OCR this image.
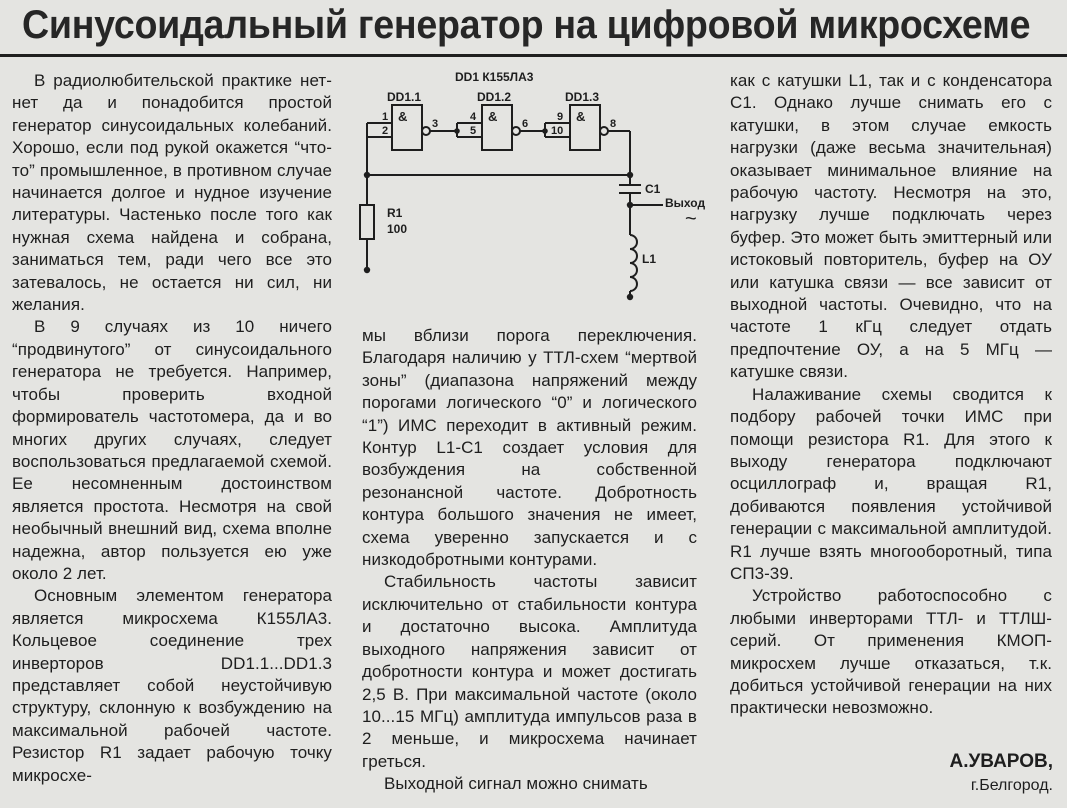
Синусоидальный генератор на цифровой микросхеме
DD1 К155ЛА3
DD1.1	DD1.2	DD1.3
&	&	&
1
2
3
4
5
6
9
10
8
R1
100
C1
Выход
~
L1

В радиолюбительской практике нет-нет да и понадобится простой генератор синусоидальных колебаний. Хорошо, если под рукой окажется “что-то” промышленное, в противном случае начинается долгое и нудное изучение литературы. Частенько после того как нужная схема найдена и собрана, заниматься тем, ради чего все это затевалось, не остается ни сил, ни желания.

В 9 случаях из 10 ничего “продвинутого” от синусоидального генератора не требуется. Например, чтобы проверить входной формирователь частотомера, да и во многих других случаях, следует воспользоваться предлагаемой схемой. Ее несомненным достоинством является простота. Несмотря на свой необычный внешний вид, схема вполне надежна, автор пользуется ею уже около 2 лет.

Основным элементом генератора является микросхема К155ЛА3. Кольцевое соединение трех инверторов DD1.1...DD1.3 представляет собой неустойчивую структуру, склонную к возбуждению на максимальной рабочей частоте. Резистор R1 задает рабочую точку микросхе-

мы вблизи порога переключения. Благодаря наличию у ТТЛ-схем “мертвой зоны” (диапазона напряжений между порогами логического “0” и логического “1”) ИМС переходит в активный режим. Контур L1-C1 создает условия для возбуждения на собственной резонансной частоте. Добротность контура большого значения не имеет, схема уверенно запускается и с низкодобротными контурами.

Стабильность частоты зависит исключительно от стабильности контура и достаточно высока. Амплитуда выходного напряжения зависит от добротности контура и может достигать 2,5 В. При максимальной частоте (около 10...15 МГц) амплитуда импульсов раза в 2 меньше, и микросхема начинает греться.

Выходной сигнал можно снимать

как с катушки L1, так и с конденсатора C1. Однако лучше снимать его с катушки, в этом случае емкость нагрузки (даже весьма значительная) оказывает минимальное влияние на рабочую частоту. Несмотря на это, нагрузку лучше подключать через буфер. Это может быть эмиттерный или истоковый повторитель, буфер на ОУ или катушка связи — все зависит от выходной частоты. Очевидно, что на частоте 1 кГц следует отдать предпочтение ОУ, а на 5 МГц — катушке связи.

Налаживание схемы сводится к подбору рабочей точки ИМС при помощи резистора R1. Для этого к выходу генератора подключают осциллограф и, вращая R1, добиваются появления устойчивой генерации с максимальной амплитудой. R1 лучше взять многооборотный, типа СП3-39.

Устройство работоспособно с любыми инверторами ТТЛ- и ТТЛШ-серий. От применения КМОП-микросхем лучше отказаться, т.к. добиться устойчивой генерации на них практически невозможно.

А.УВАРОВ,
г.Белгород.
